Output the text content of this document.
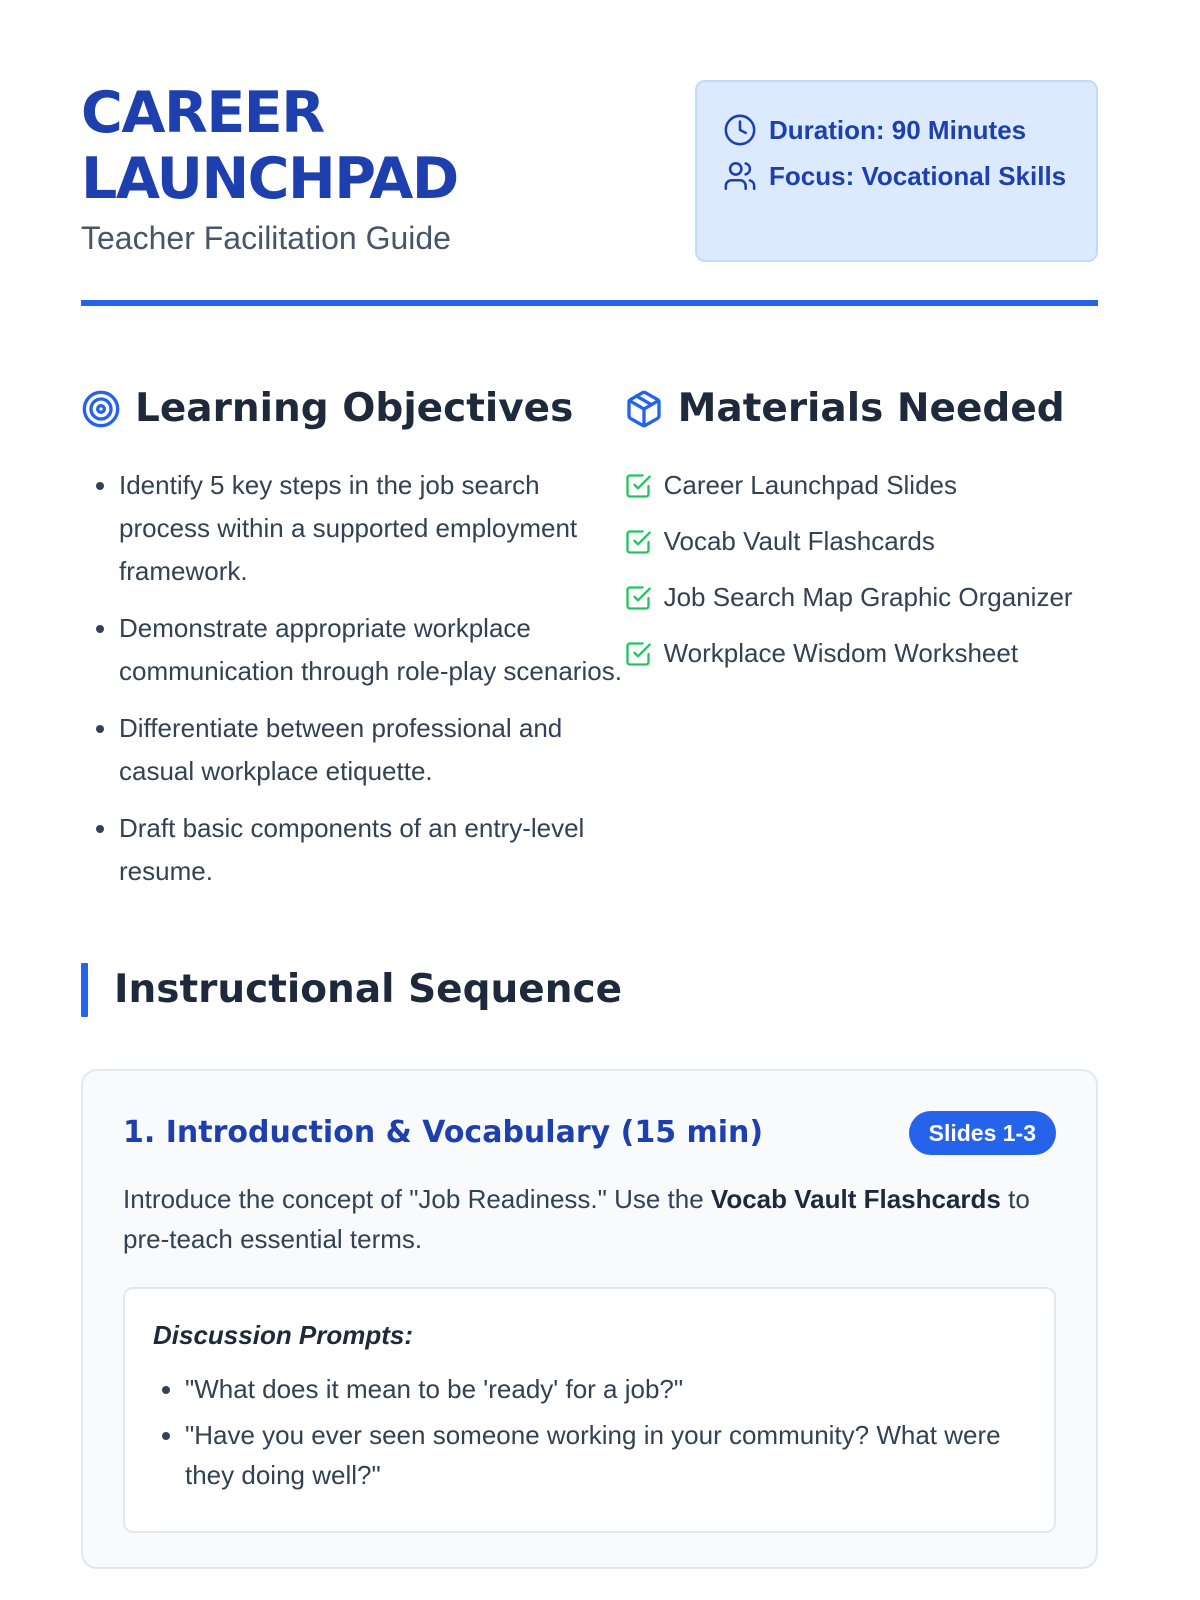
CAREER
LAUNCHPAD

Teacher Facilitation Guide

Duration: 90 Minutes
Focus: Vocational Skills
Learning Objectives
• Identify 5 key steps in the job search process within a supported employment framework.
• Demonstrate appropriate workplace communication through role-play scenarios.
• Differentiate between professional and casual workplace etiquette.
• Draft basic components of an entry-level resume.
Materials Needed
Career Launchpad Slides
Vocab Vault Flashcards
Job Search Map Graphic Organizer
Workplace Wisdom Worksheet
Instructional Sequence
1. Introduction & Vocabulary (15 min)	Slides 1-3

Introduce the concept of "Job Readiness." Use the Vocab Vault Flashcards to pre-teach essential terms.

Discussion Prompts:

• "What does it mean to be 'ready' for a job?"
• "Have you ever seen someone working in your community? What were they doing well?"
